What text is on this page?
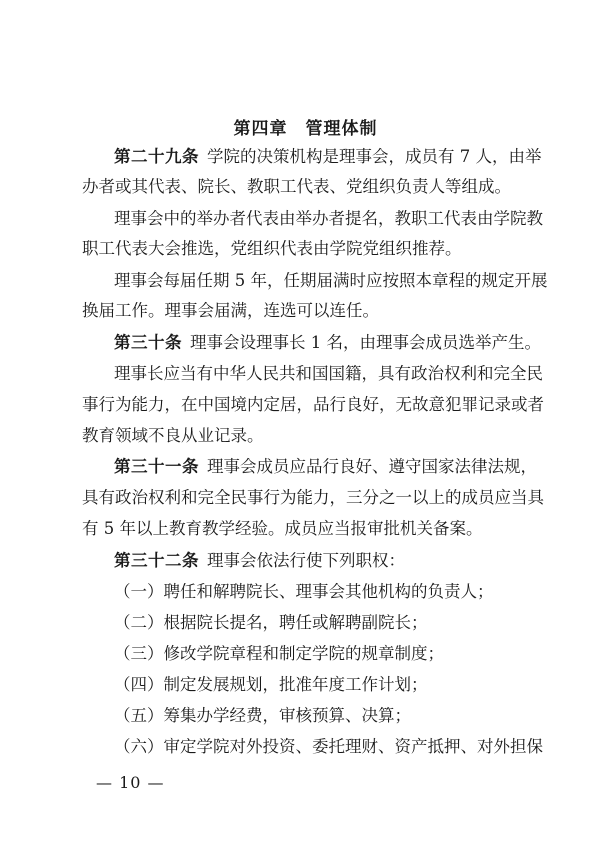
第四章　管理体制
第二十九条 学院的决策机构是理事会，成员有 7 人，由举
办者或其代表、院长、教职工代表、党组织负责人等组成。
理事会中的举办者代表由举办者提名，教职工代表由学院教
职工代表大会推选，党组织代表由学院党组织推荐。
理事会每届任期 5 年，任期届满时应按照本章程的规定开展
换届工作。理事会届满，连选可以连任。
第三十条 理事会设理事长 1 名，由理事会成员选举产生。
理事长应当有中华人民共和国国籍，具有政治权利和完全民
事行为能力，在中国境内定居，品行良好，无故意犯罪记录或者
教育领域不良从业记录。
第三十一条 理事会成员应品行良好、遵守国家法律法规，
具有政治权利和完全民事行为能力，三分之一以上的成员应当具
有 5 年以上教育教学经验。成员应当报审批机关备案。
第三十二条 理事会依法行使下列职权：
（一）聘任和解聘院长、理事会其他机构的负责人；
（二）根据院长提名，聘任或解聘副院长；
（三）修改学院章程和制定学院的规章制度；
（四）制定发展规划，批准年度工作计划；
（五）筹集办学经费，审核预算、决算；
（六）审定学院对外投资、委托理财、资产抵押、对外担保
— 10 —
